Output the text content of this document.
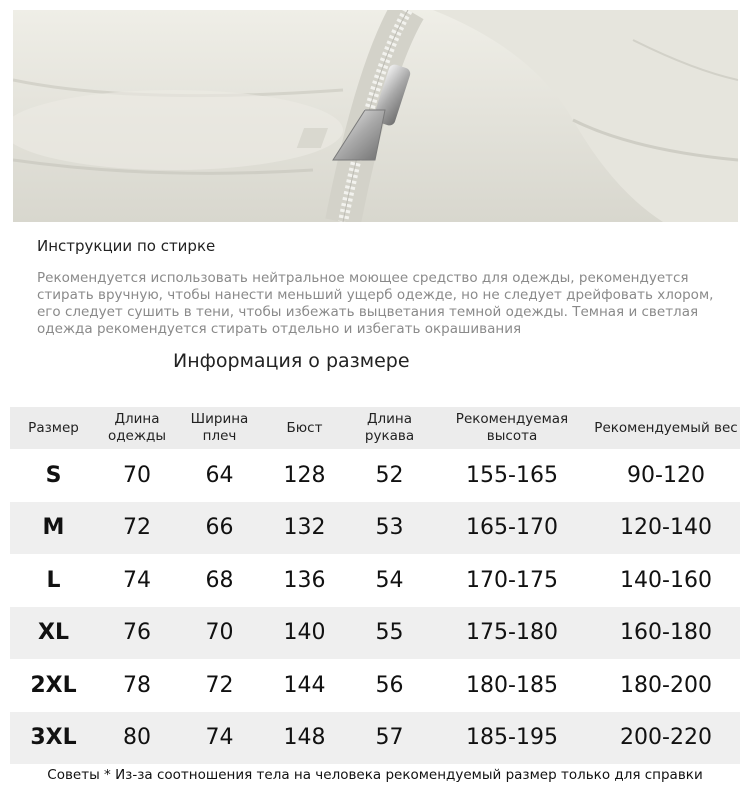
Инструкции по стирке
Рекомендуется использовать нейтральное моющее средство для одежды, рекомендуется стирать вручную, чтобы нанести меньший ущерб одежде, но не следует дрейфовать хлором, его следует сушить в тени, чтобы избежать выцветания темной одежды. Темная и светлая одежда рекомендуется стирать отдельно и избегать окрашивания
Информация о размере
Размер	Длина одежды	Ширина плеч	Бюст	Длина рукава	Рекомендуемая высота	Рекомендуемый вес
S	70	64	128	52	155-165	90-120
M	72	66	132	53	165-170	120-140
L	74	68	136	54	170-175	140-160
XL	76	70	140	55	175-180	160-180
2XL	78	72	144	56	180-185	180-200
3XL	80	74	148	57	185-195	200-220
Советы * Из-за соотношения тела на человека рекомендуемый размер только для справки
